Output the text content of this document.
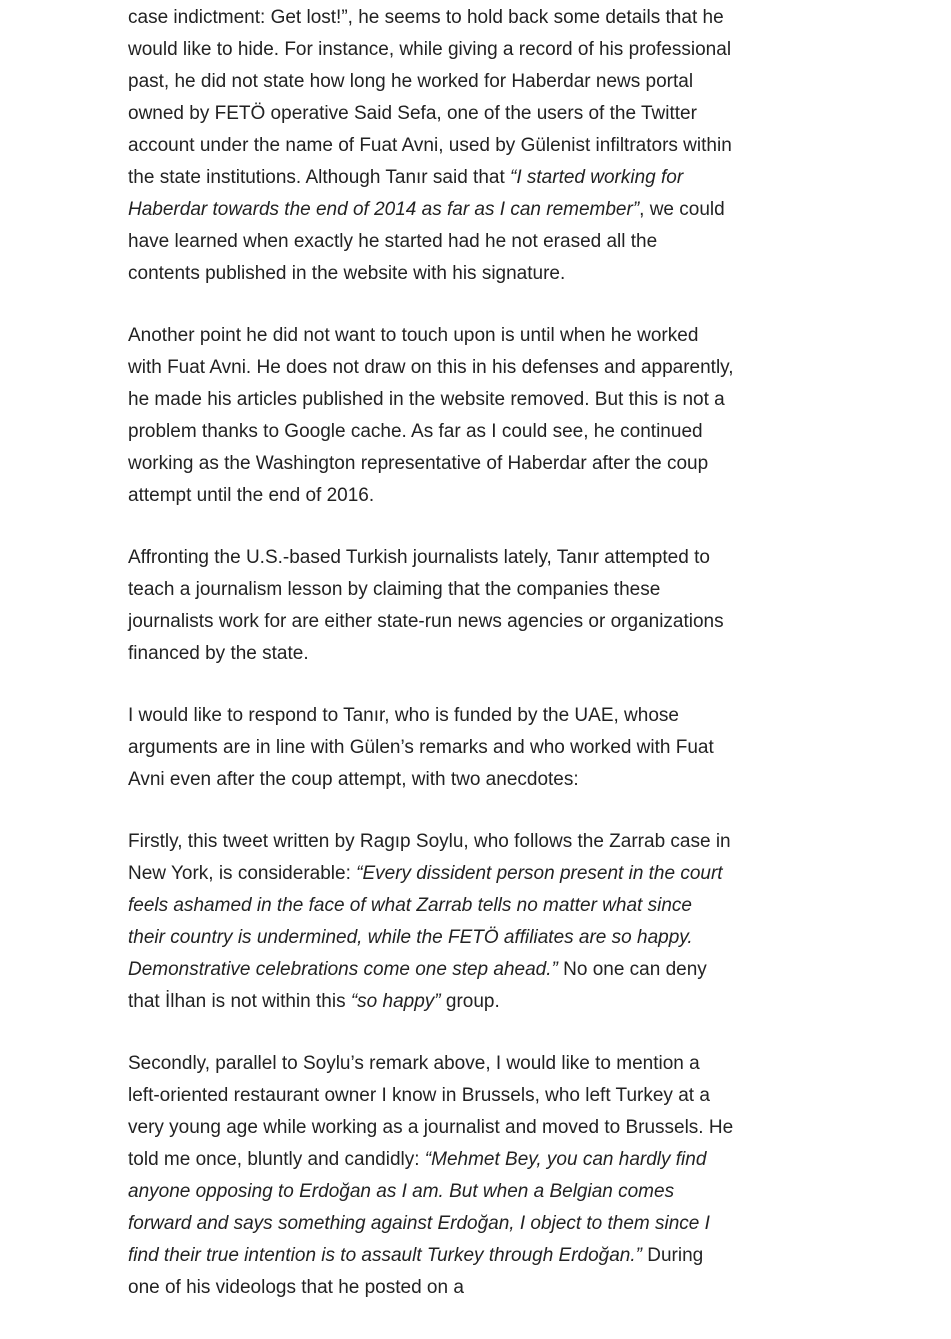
case indictment: Get lost!”, he seems to hold back some details that he would like to hide. For instance, while giving a record of his professional past, he did not state how long he worked for Haberdar news portal owned by FETÖ operative Said Sefa, one of the users of the Twitter account under the name of Fuat Avni, used by Gülenist infiltrators within the state institutions. Although Tanır said that “I started working for Haberdar towards the end of 2014 as far as I can remember”, we could have learned when exactly he started had he not erased all the contents published in the website with his signature.

Another point he did not want to touch upon is until when he worked with Fuat Avni. He does not draw on this in his defenses and apparently, he made his articles published in the website removed. But this is not a problem thanks to Google cache. As far as I could see, he continued working as the Washington representative of Haberdar after the coup attempt until the end of 2016.

Affronting the U.S.-based Turkish journalists lately, Tanır attempted to teach a journalism lesson by claiming that the companies these journalists work for are either state-run news agencies or organizations financed by the state.

I would like to respond to Tanır, who is funded by the UAE, whose arguments are in line with Gülen’s remarks and who worked with Fuat Avni even after the coup attempt, with two anecdotes:

Firstly, this tweet written by Ragıp Soylu, who follows the Zarrab case in New York, is considerable: “Every dissident person present in the court feels ashamed in the face of what Zarrab tells no matter what since their country is undermined, while the FETÖ affiliates are so happy. Demonstrative celebrations come one step ahead.” No one can deny that İlhan is not within this “so happy” group.

Secondly, parallel to Soylu’s remark above, I would like to mention a left-oriented restaurant owner I know in Brussels, who left Turkey at a very young age while working as a journalist and moved to Brussels. He told me once, bluntly and candidly: “Mehmet Bey, you can hardly find anyone opposing to Erdoğan as I am. But when a Belgian comes forward and says something against Erdoğan, I object to them since I find their true intention is to assault Turkey through Erdoğan.” During one of his videologs that he posted on a
